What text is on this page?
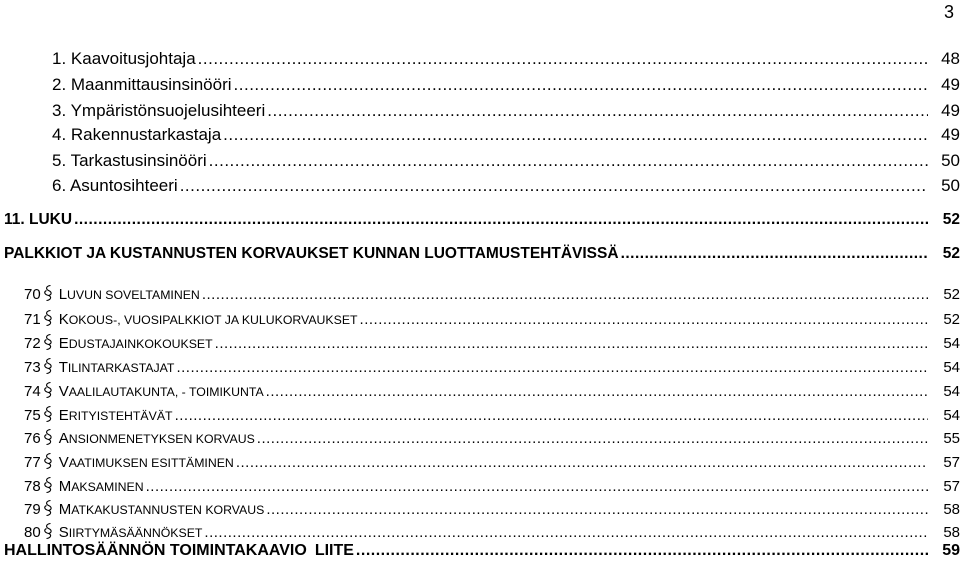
3
1. Kaavoitusjohtaja .....	48
2. Maanmittausinsinööri .....	49
3. Ympäristönsuojelusihteeri .....	49
4. Rakennustarkastaja .....	49
5. Tarkastusinsinööri .....	50
6. Asuntosihteeri .....	50
11. LUKU .....	52
PALKKIOT JA KUSTANNUSTEN KORVAUKSET KUNNAN LUOTTAMUSTEHTÄVISSÄ .....	52
70 LUVUN SOVELTAMINEN .....	52
71 KOKOUS-, VUOSIPALKKIOT JA KULUKORVAUKSET .....	52
72 EDUSTAJAINKOKOUKSET .....	54
73 TILINTARKASTAJAT .....	54
74 VAALILAUTAKUNTA, - TOIMIKUNTA .....	54
75 ERITYISTEHTÄVÄT .....	54
76 ANSIONMENETYKSEN KORVAUS .....	55
77 VAATIMUKSEN ESITTÄMINEN .....	57
78 MAKSAMINEN .....	57
79 MATKAKUSTANNUSTEN KORVAUS .....	58
80 SIIRTYMÄSÄÄNNÖKSET .....	58
HALLINTOSÄÄNNÖN TOIMINTAKAAVIO LIITE .....	59
